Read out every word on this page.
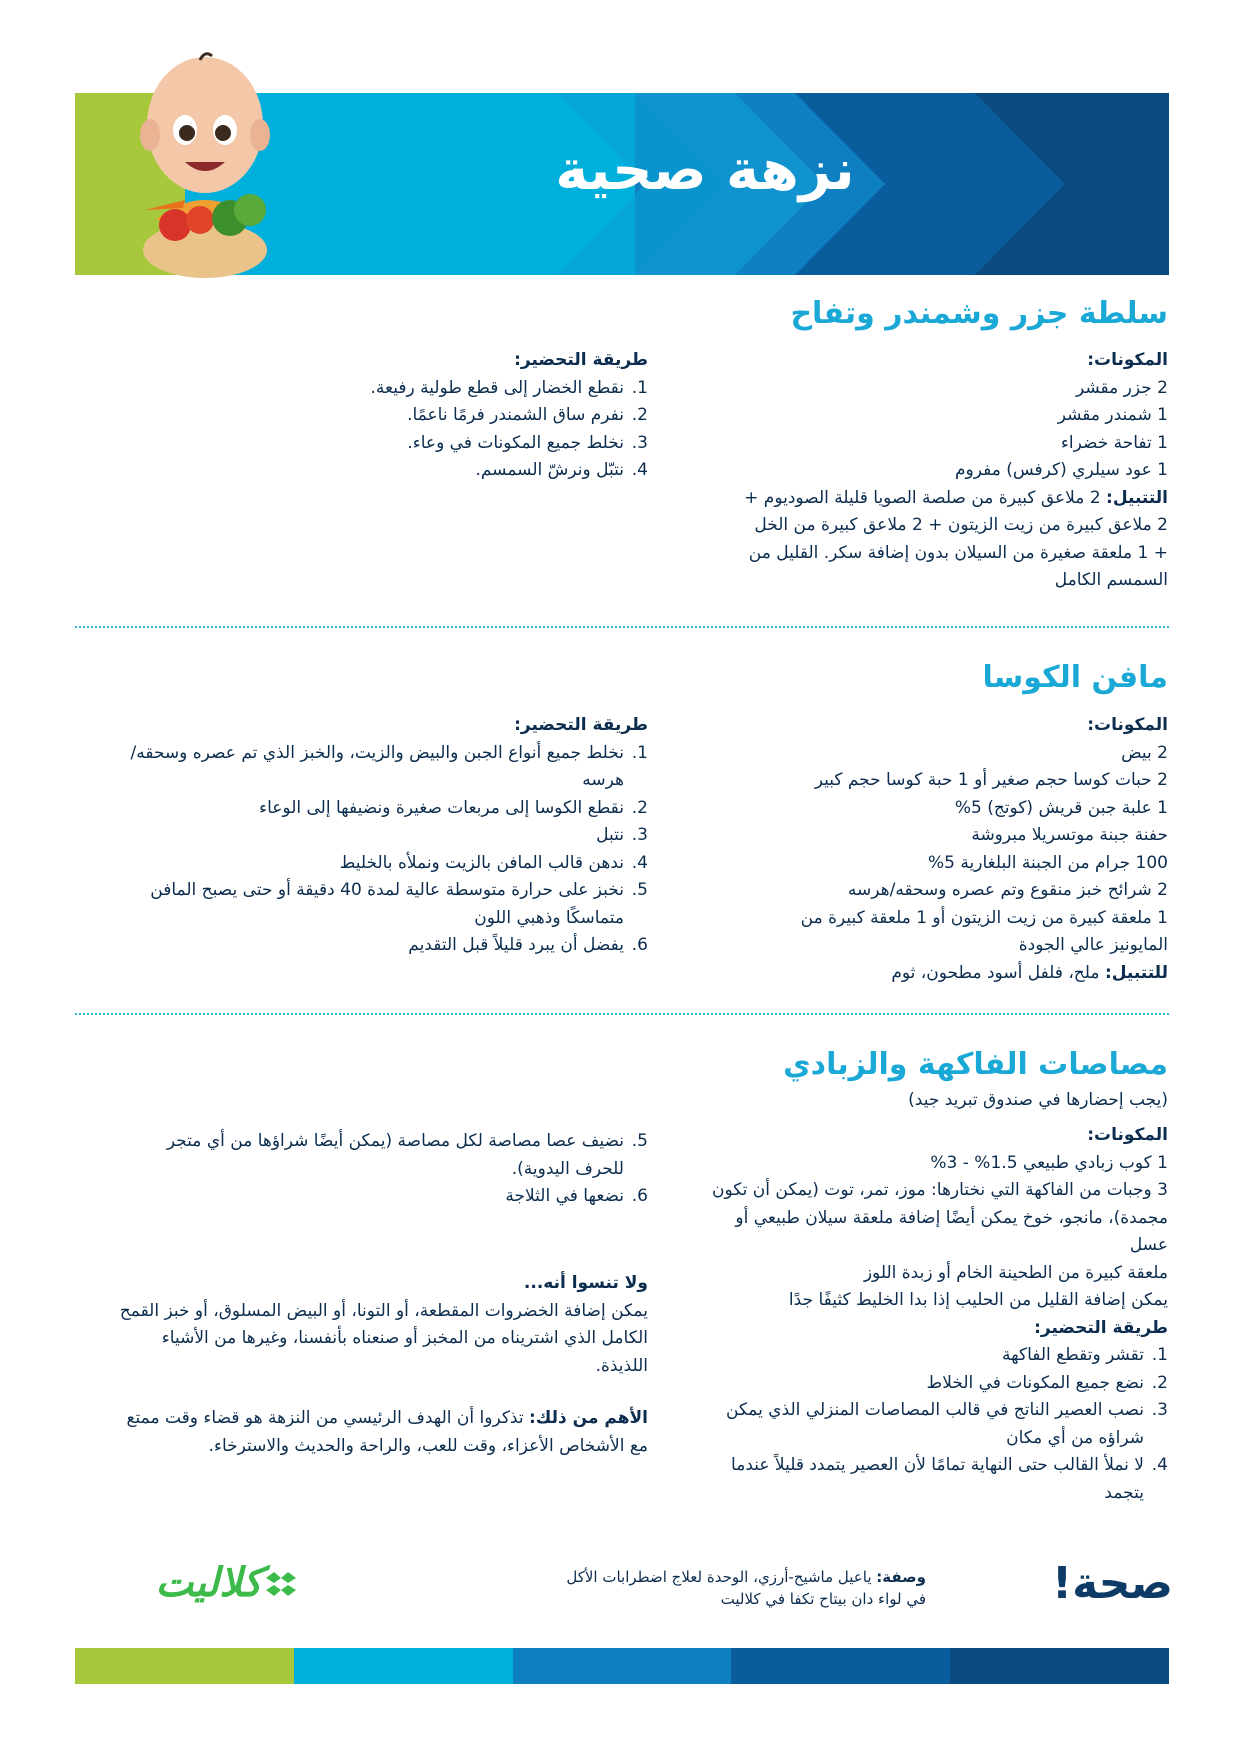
نزهة صحية
سلطة جزر وشمندر وتفاح

المكونات:

2 جزر مقشر

1 شمندر مقشر

1 تفاحة خضراء

1 عود سيلري (كرفس) مفروم

التتبيل: 2 ملاعق كبيرة من صلصة الصويا قليلة الصوديوم + 2 ملاعق كبيرة من زيت الزيتون + 2 ملاعق كبيرة من الخل + 1 ملعقة صغيرة من السيلان بدون إضافة سكر. القليل من السمسم الكامل

طريقة التحضير:

1.
نقطع الخضار إلى قطع طولية رفيعة.
2.
نفرم ساق الشمندر فرمًا ناعمًا.
3.
نخلط جميع المكونات في وعاء.
4.
نتبّل ونرشّ السمسم.
مافن الكوسا

المكونات:

2 بيض

2 حبات كوسا حجم صغير أو 1 حبة كوسا حجم كبير

1 علبة جبن قريش (كوتج) 5%

حفنة جبنة موتسريلا مبروشة

100 جرام من الجبنة البلغارية 5%

2 شرائح خبز منقوع وتم عصره وسحقه/هرسه

1 ملعقة كبيرة من زيت الزيتون أو 1 ملعقة كبيرة من المايونيز عالي الجودة

للتتبيل: ملح، فلفل أسود مطحون، ثوم

طريقة التحضير:

1.
نخلط جميع أنواع الجبن والبيض والزيت، والخبز الذي تم عصره وسحقه/هرسه
2.
نقطع الكوسا إلى مربعات صغيرة ونضيفها إلى الوعاء
3.
نتبل
4.
ندهن قالب المافن بالزيت ونملأه بالخليط
5.
نخبز على حرارة متوسطة عالية لمدة 40 دقيقة أو حتى يصبح المافن متماسكًا وذهبي اللون
6.
يفضل أن يبرد قليلاً قبل التقديم
مصاصات الفاكهة والزبادي
(يجب إحضارها في صندوق تبريد جيد)

المكونات:

1 كوب زبادي طبيعي 1.5% - 3%

3 وجبات من الفاكهة التي نختارها: موز، تمر، توت (يمكن أن تكون مجمدة)، مانجو، خوخ يمكن أيضًا إضافة ملعقة سيلان طبيعي أو عسل

ملعقة كبيرة من الطحينة الخام أو زبدة اللوز

يمكن إضافة القليل من الحليب إذا بدا الخليط كثيفًا جدًا

طريقة التحضير:

1.
تقشر وتقطع الفاكهة
2.
نضع جميع المكونات في الخلاط
3.
نصب العصير الناتج في قالب المصاصات المنزلي الذي يمكن شراؤه من أي مكان
4.
لا نملأ القالب حتى النهاية تمامًا لأن العصير يتمدد قليلاً عندما يتجمد
5.
نضيف عصا مصاصة لكل مصاصة (يمكن أيضًا شراؤها من أي متجر للحرف اليدوية).
6.
نضعها في الثلاجة

ولا تنسوا أنه...

يمكن إضافة الخضروات المقطعة، أو التونا، أو البيض المسلوق، أو خبز القمح الكامل الذي اشتريناه من المخبز أو صنعناه بأنفسنا، وغيرها من الأشياء اللذيذة.

الأهم من ذلك: تذكروا أن الهدف الرئيسي من النزهة هو قضاء وقت ممتع مع الأشخاص الأعزاء، وقت للعب، والراحة والحديث والاسترخاء.

صحة!

وصفة: ياعيل ماشيح-أرزي، الوحدة لعلاج اضطرابات الأكل

في لواء دان بيتاح تكفا في كلاليت

كلاليت
